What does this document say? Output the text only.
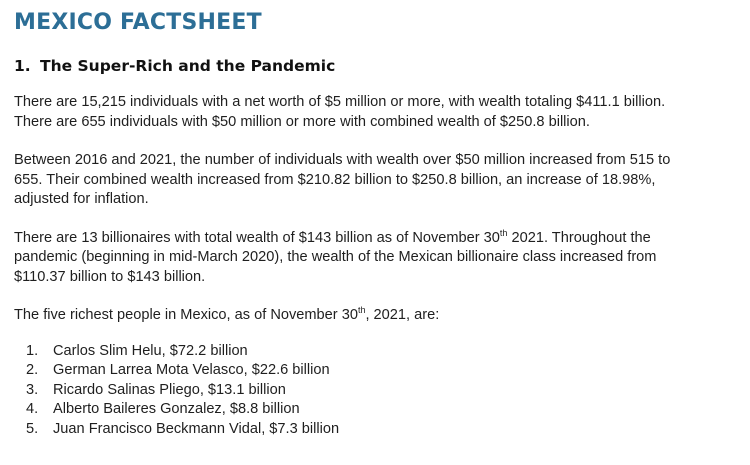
MEXICO FACTSHEET
1. The Super-Rich and the Pandemic

There are 15,215 individuals with a net worth of $5 million or more, with wealth totaling $411.1 billion.
There are 655 individuals with $50 million or more with combined wealth of $250.8 billion.

Between 2016 and 2021, the number of individuals with wealth over $50 million increased from 515 to
655. Their combined wealth increased from $210.82 billion to $250.8 billion, an increase of 18.98%,
adjusted for inflation.

There are 13 billionaires with total wealth of $143 billion as of November 30th 2021. Throughout the
pandemic (beginning in mid-March 2020), the wealth of the Mexican billionaire class increased from
$110.37 billion to $143 billion.

The five richest people in Mexico, as of November 30th, 2021, are:

1.	Carlos Slim Helu, $72.2 billion
2.	German Larrea Mota Velasco, $22.6 billion
3.	Ricardo Salinas Pliego, $13.1 billion
4.	Alberto Baileres Gonzalez, $8.8 billion
5.	Juan Francisco Beckmann Vidal, $7.3 billion
